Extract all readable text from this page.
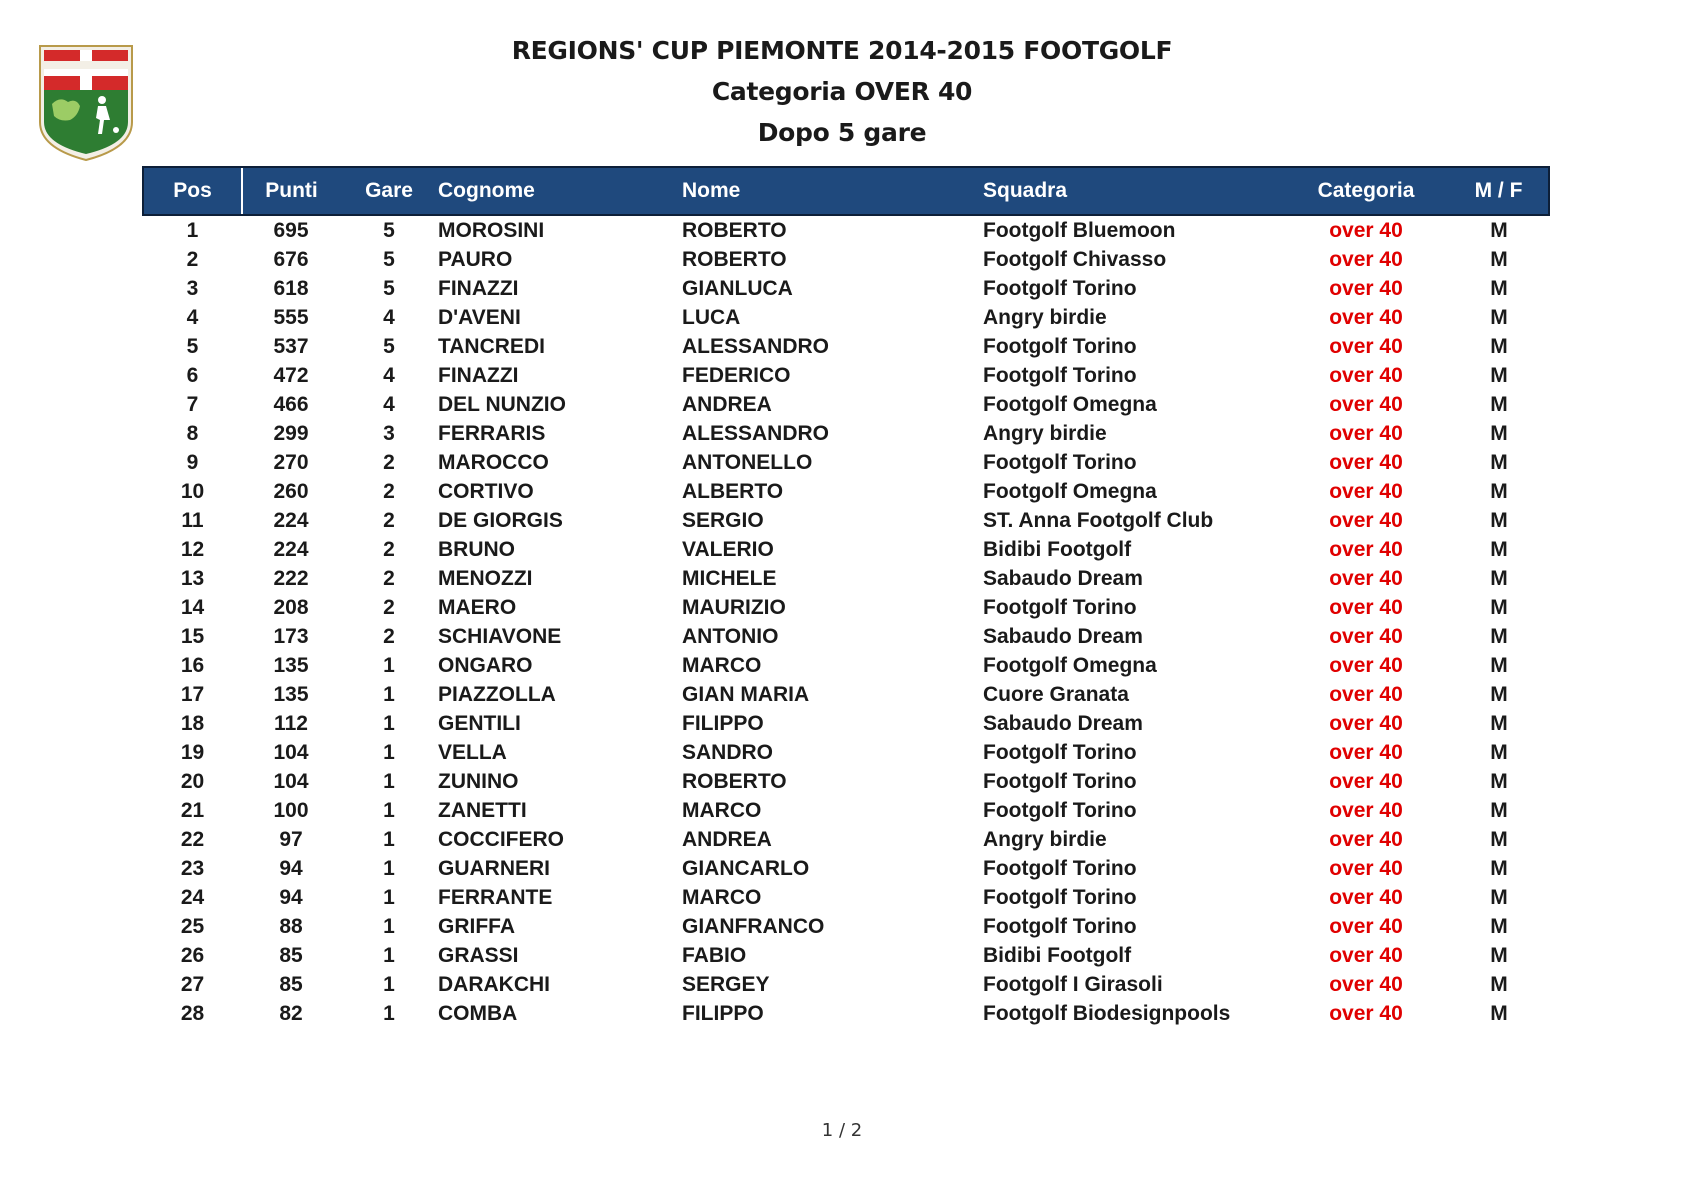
REGIONS' CUP PIEMONTE 2014-2015 FOOTGOLF
Categoria OVER 40
Dopo 5 gare
Pos	Punti	Gare	Cognome	Nome	Squadra	Categoria	M / F
1	695	5	MOROSINI	ROBERTO	Footgolf Bluemoon	over 40	M
2	676	5	PAURO	ROBERTO	Footgolf Chivasso	over 40	M
3	618	5	FINAZZI	GIANLUCA	Footgolf Torino	over 40	M
4	555	4	D'AVENI	LUCA	Angry birdie	over 40	M
5	537	5	TANCREDI	ALESSANDRO	Footgolf Torino	over 40	M
6	472	4	FINAZZI	FEDERICO	Footgolf Torino	over 40	M
7	466	4	DEL NUNZIO	ANDREA	Footgolf Omegna	over 40	M
8	299	3	FERRARIS	ALESSANDRO	Angry birdie	over 40	M
9	270	2	MAROCCO	ANTONELLO	Footgolf Torino	over 40	M
10	260	2	CORTIVO	ALBERTO	Footgolf Omegna	over 40	M
11	224	2	DE GIORGIS	SERGIO	ST. Anna Footgolf Club	over 40	M
12	224	2	BRUNO	VALERIO	Bidibi Footgolf	over 40	M
13	222	2	MENOZZI	MICHELE	Sabaudo Dream	over 40	M
14	208	2	MAERO	MAURIZIO	Footgolf Torino	over 40	M
15	173	2	SCHIAVONE	ANTONIO	Sabaudo Dream	over 40	M
16	135	1	ONGARO	MARCO	Footgolf Omegna	over 40	M
17	135	1	PIAZZOLLA	GIAN MARIA	Cuore Granata	over 40	M
18	112	1	GENTILI	FILIPPO	Sabaudo Dream	over 40	M
19	104	1	VELLA	SANDRO	Footgolf Torino	over 40	M
20	104	1	ZUNINO	ROBERTO	Footgolf Torino	over 40	M
21	100	1	ZANETTI	MARCO	Footgolf Torino	over 40	M
22	97	1	COCCIFERO	ANDREA	Angry birdie	over 40	M
23	94	1	GUARNERI	GIANCARLO	Footgolf Torino	over 40	M
24	94	1	FERRANTE	MARCO	Footgolf Torino	over 40	M
25	88	1	GRIFFA	GIANFRANCO	Footgolf Torino	over 40	M
26	85	1	GRASSI	FABIO	Bidibi Footgolf	over 40	M
27	85	1	DARAKCHI	SERGEY	Footgolf I Girasoli	over 40	M
28	82	1	COMBA	FILIPPO	Footgolf Biodesignpools	over 40	M
1 / 2
